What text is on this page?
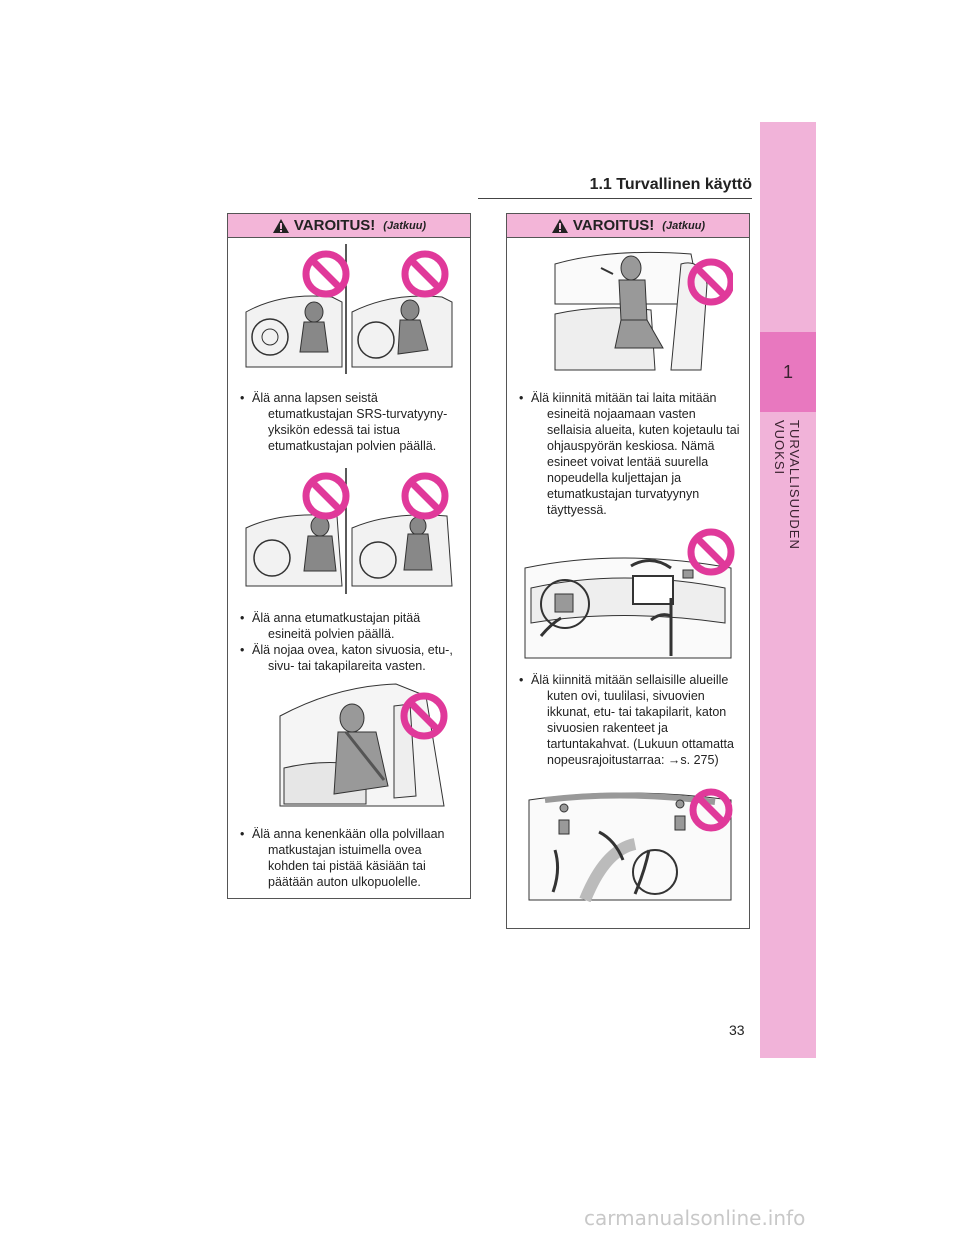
1.1 Turvallinen käyttö
1
TURVALLISUUDEN VUOKSI
VAROITUS! (Jatkuu)

• Älä anna lapsen seistä etumatkustajan SRS-turvatyyny-yksikön edessä tai istua etumatkustajan polvien päällä.

• Älä anna etumatkustajan pitää esineitä polvien päällä.

• Älä nojaa ovea, katon sivuosia, etu-, sivu- tai takapilareita vasten.

• Älä anna kenenkään olla polvillaan matkustajan istuimella ovea kohden tai pistää käsiään tai päätään auton ulkopuolelle.

VAROITUS! (Jatkuu)

• Älä kiinnitä mitään tai laita mitään esineitä nojaamaan vasten sellaisia alueita, kuten kojetaulu tai ohjauspyörän keskiosa. Nämä esineet voivat lentää suurella nopeudella kuljettajan ja etumatkustajan turvatyynyn täyttyessä.

• Älä kiinnitä mitään sellaisille alueille kuten ovi, tuulilasi, sivuovien ikkunat, etu- tai takapilarit, katon sivuosien rakenteet ja tartuntakahvat. (Lukuun ottamatta nopeusrajoitustarraa: →s. 275)

33
carmanualsonline.info
